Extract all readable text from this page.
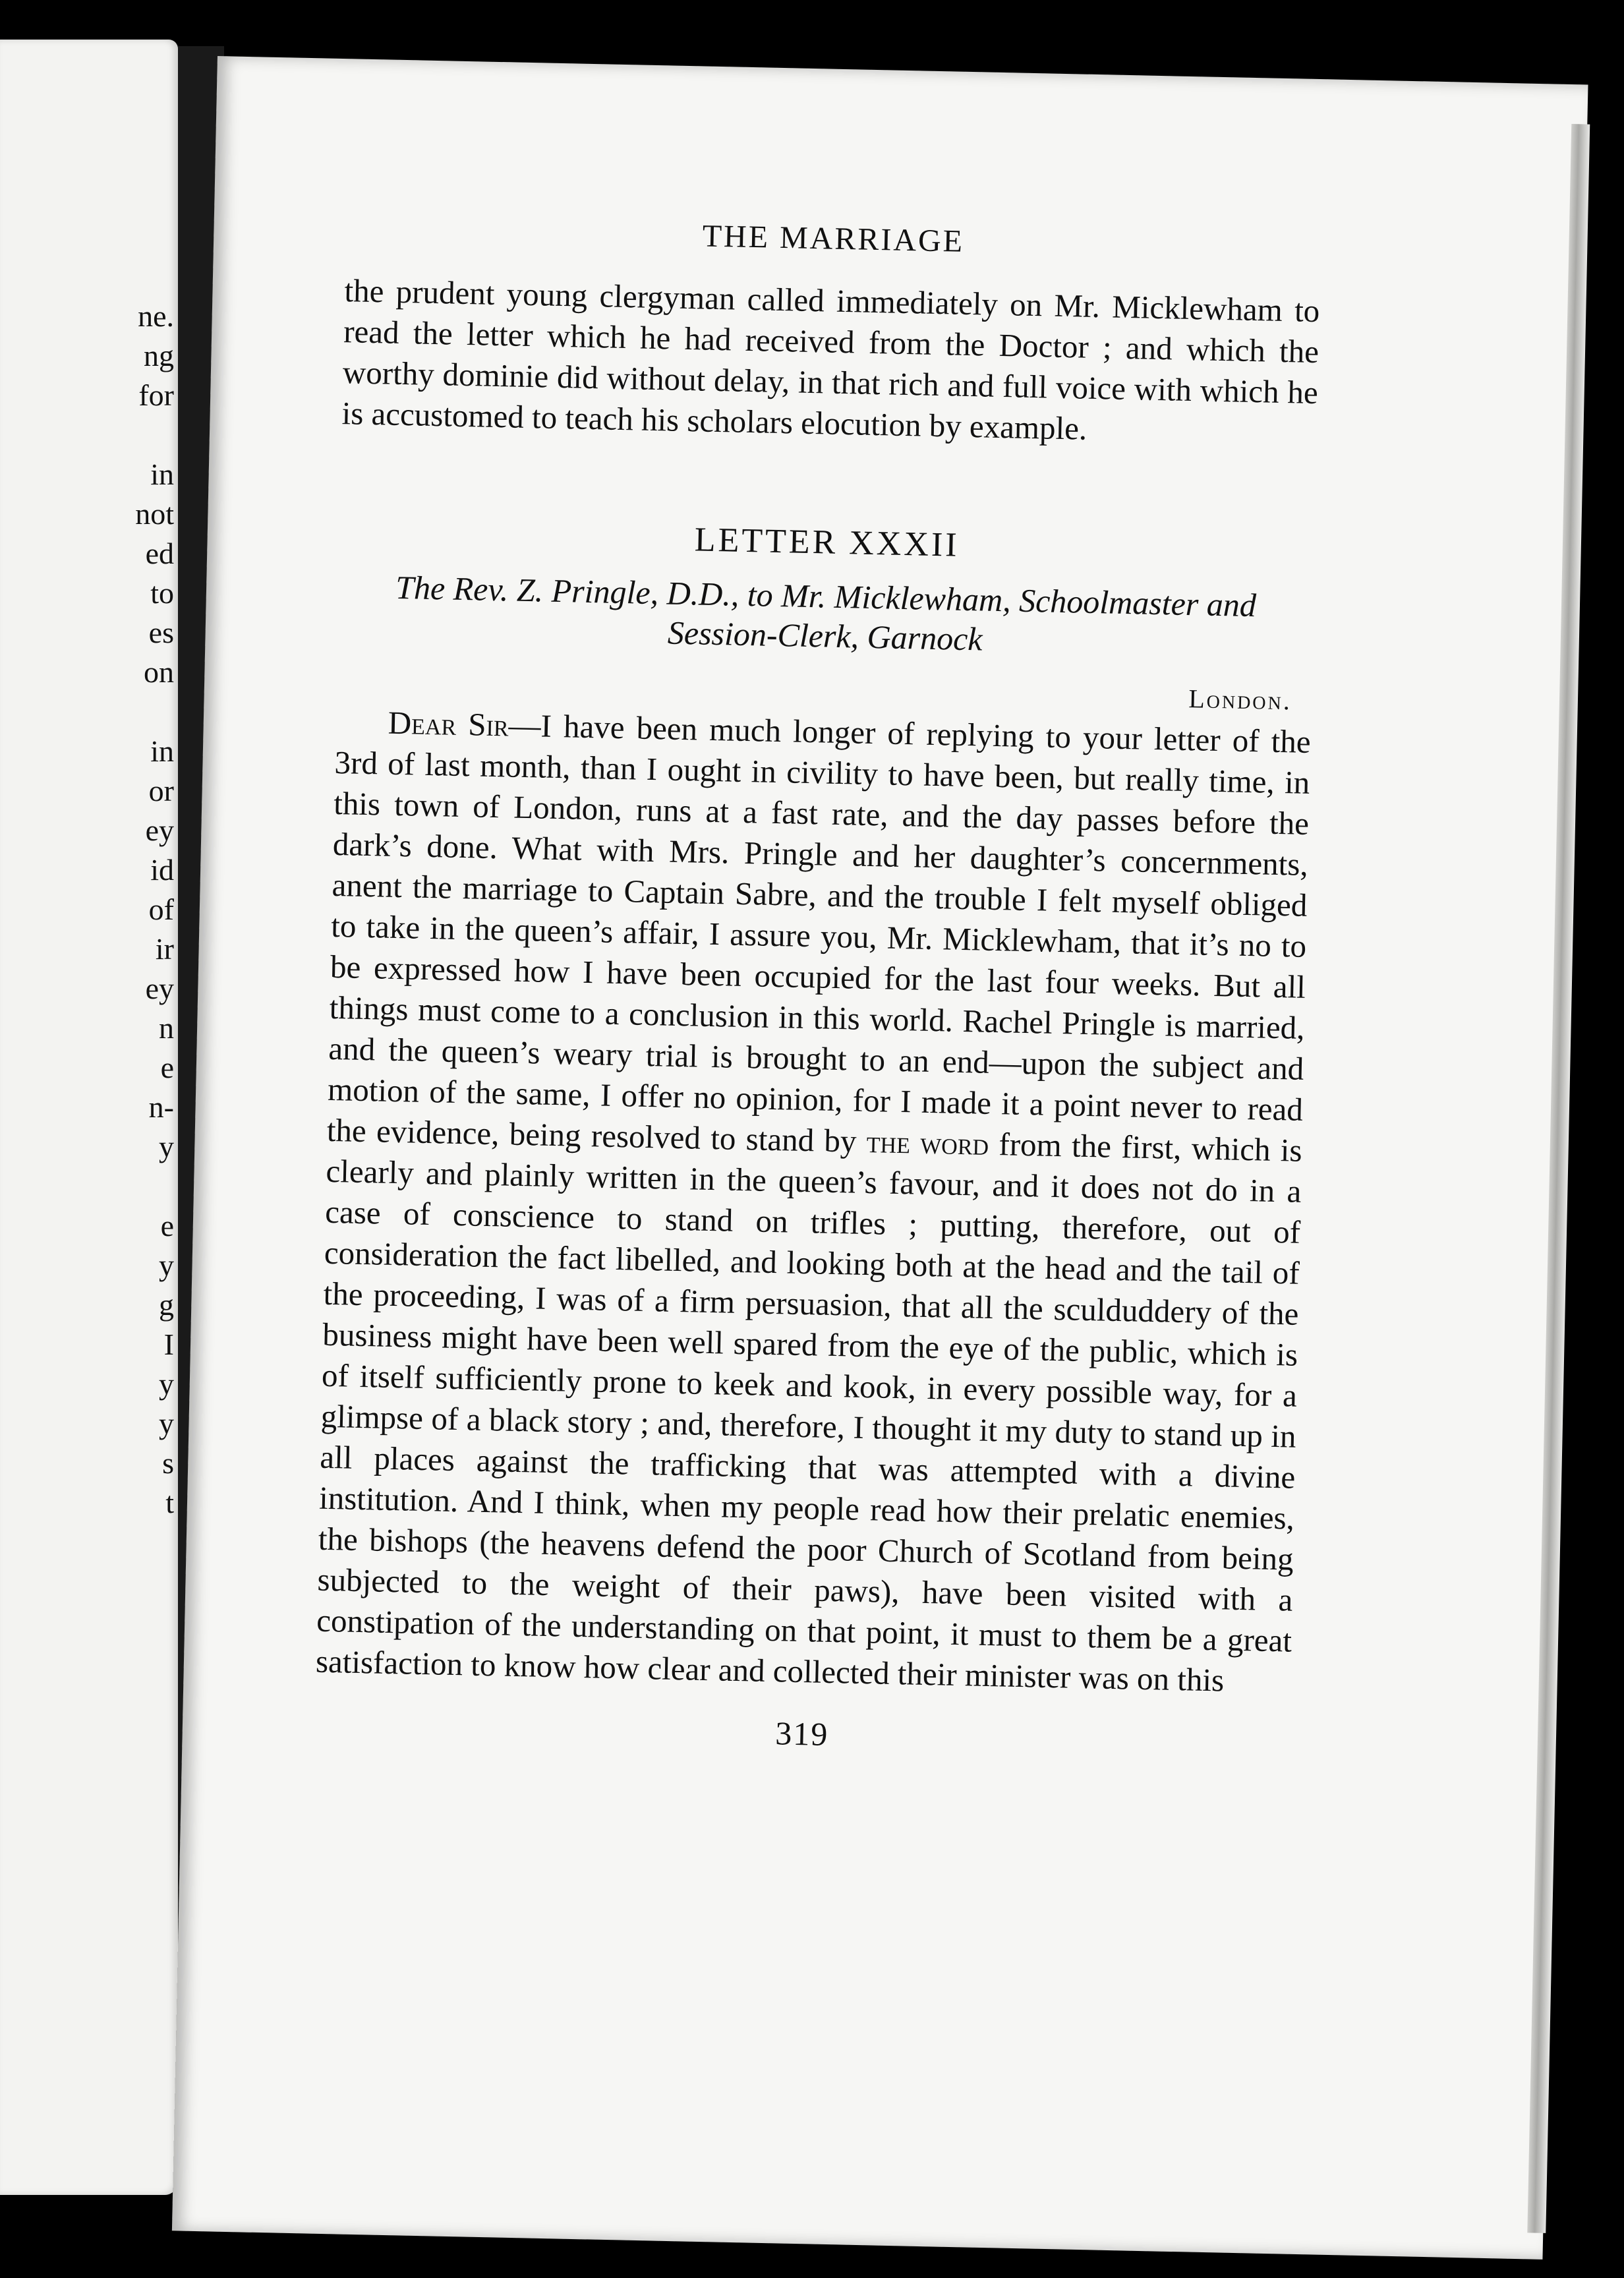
ne.
ng
for
in
not
ed
to
es
on
in
or
ey
id
of
ir
ey
n
e
n-
y
e
y
g
I
y
y
s
t
THE MARRIAGE

the prudent young clergyman called immediately on Mr. Micklewham to read the letter which he had received from the Doctor ; and which the worthy dominie did without delay, in that rich and full voice with which he is accustomed to teach his scholars elocution by example.

LETTER XXXII
The Rev. Z. Pringle, D.D., to Mr. Micklewham, Schoolmaster and Session-Clerk, Garnock
London.

Dear Sir—I have been much longer of replying to your letter of the 3rd of last month, than I ought in civility to have been, but really time, in this town of London, runs at a fast rate, and the day passes before the dark’s done. What with Mrs. Pringle and her daughter’s concernments, anent the marriage to Captain Sabre, and the trouble I felt myself obliged to take in the queen’s affair, I assure you, Mr. Micklewham, that it’s no to be expressed how I have been occupied for the last four weeks. But all things must come to a conclusion in this world. Rachel Pringle is married, and the queen’s weary trial is brought to an end—upon the subject and motion of the same, I offer no opinion, for I made it a point never to read the evidence, being resolved to stand by the word from the first, which is clearly and plainly written in the queen’s favour, and it does not do in a case of conscience to stand on trifles ; putting, therefore, out of consideration the fact libelled, and looking both at the head and the tail of the proceeding, I was of a firm persuasion, that all the sculduddery of the business might have been well spared from the eye of the public, which is of itself sufficiently prone to keek and kook, in every possible way, for a glimpse of a black story ; and, therefore, I thought it my duty to stand up in all places against the trafficking that was attempted with a divine institution. And I think, when my people read how their prelatic enemies, the bishops (the heavens defend the poor Church of Scotland from being subjected to the weight of their paws), have been visited with a constipation of the understanding on that point, it must to them be a great satisfaction to know how clear and collected their minister was on this

319
